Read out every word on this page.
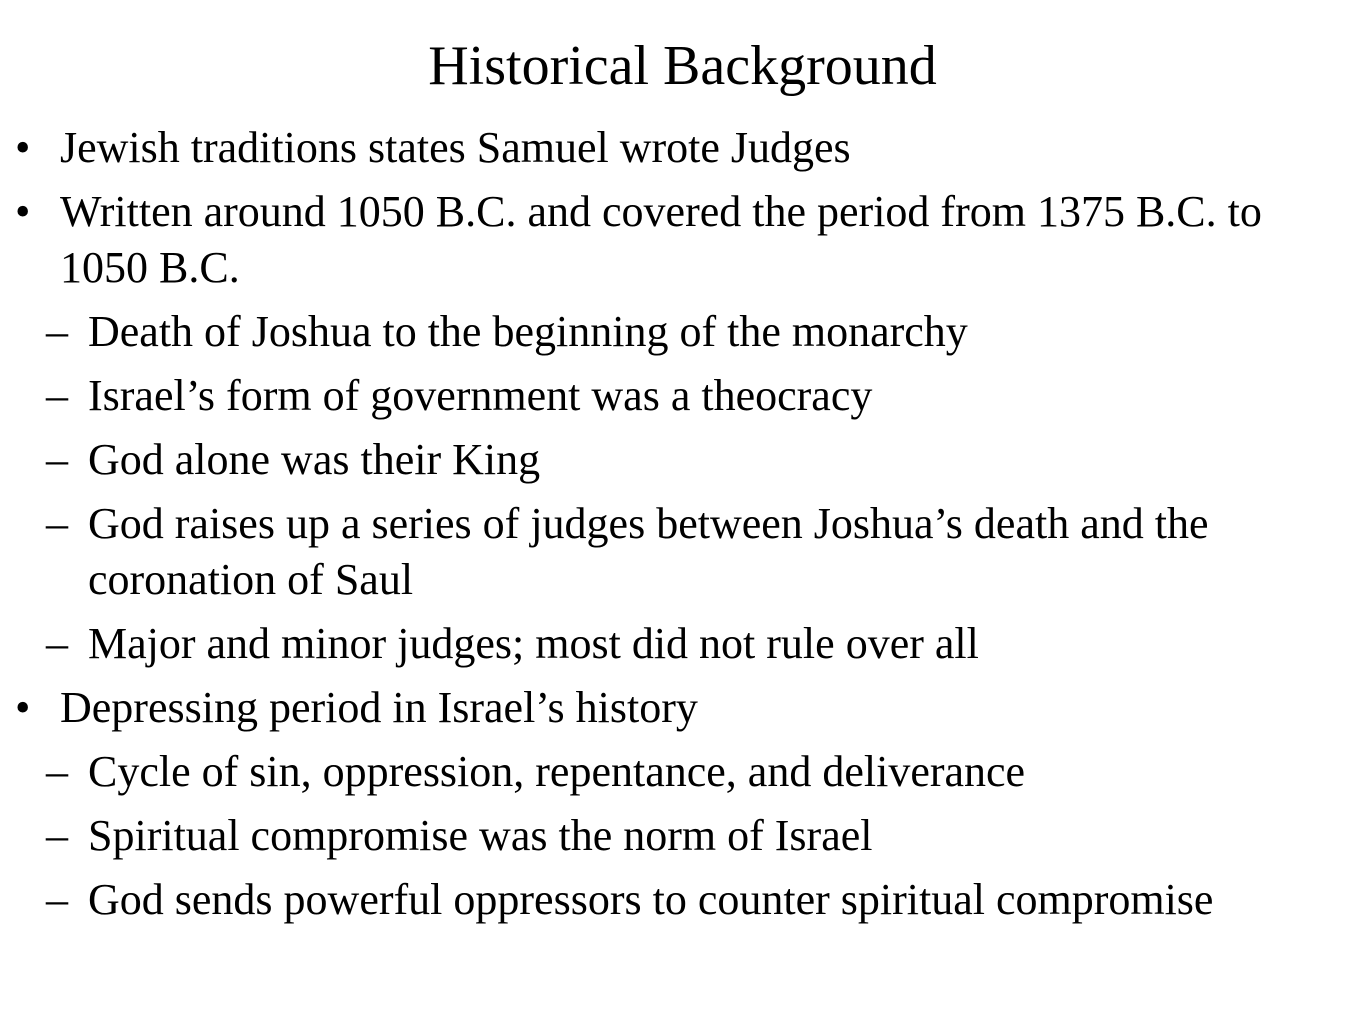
Historical Background
• Jewish traditions states Samuel wrote Judges
• Written around 1050 B.C. and covered the period from 1375 B.C. to 1050 B.C.
– Death of Joshua to the beginning of the monarchy
– Israel’s form of government was a theocracy
– God alone was their King
– God raises up a series of judges between Joshua’s death and the coronation of Saul
– Major and minor judges; most did not rule over all
• Depressing period in Israel’s history
– Cycle of sin, oppression, repentance, and deliverance
– Spiritual compromise was the norm of Israel
– God sends powerful oppressors to counter spiritual compromise
